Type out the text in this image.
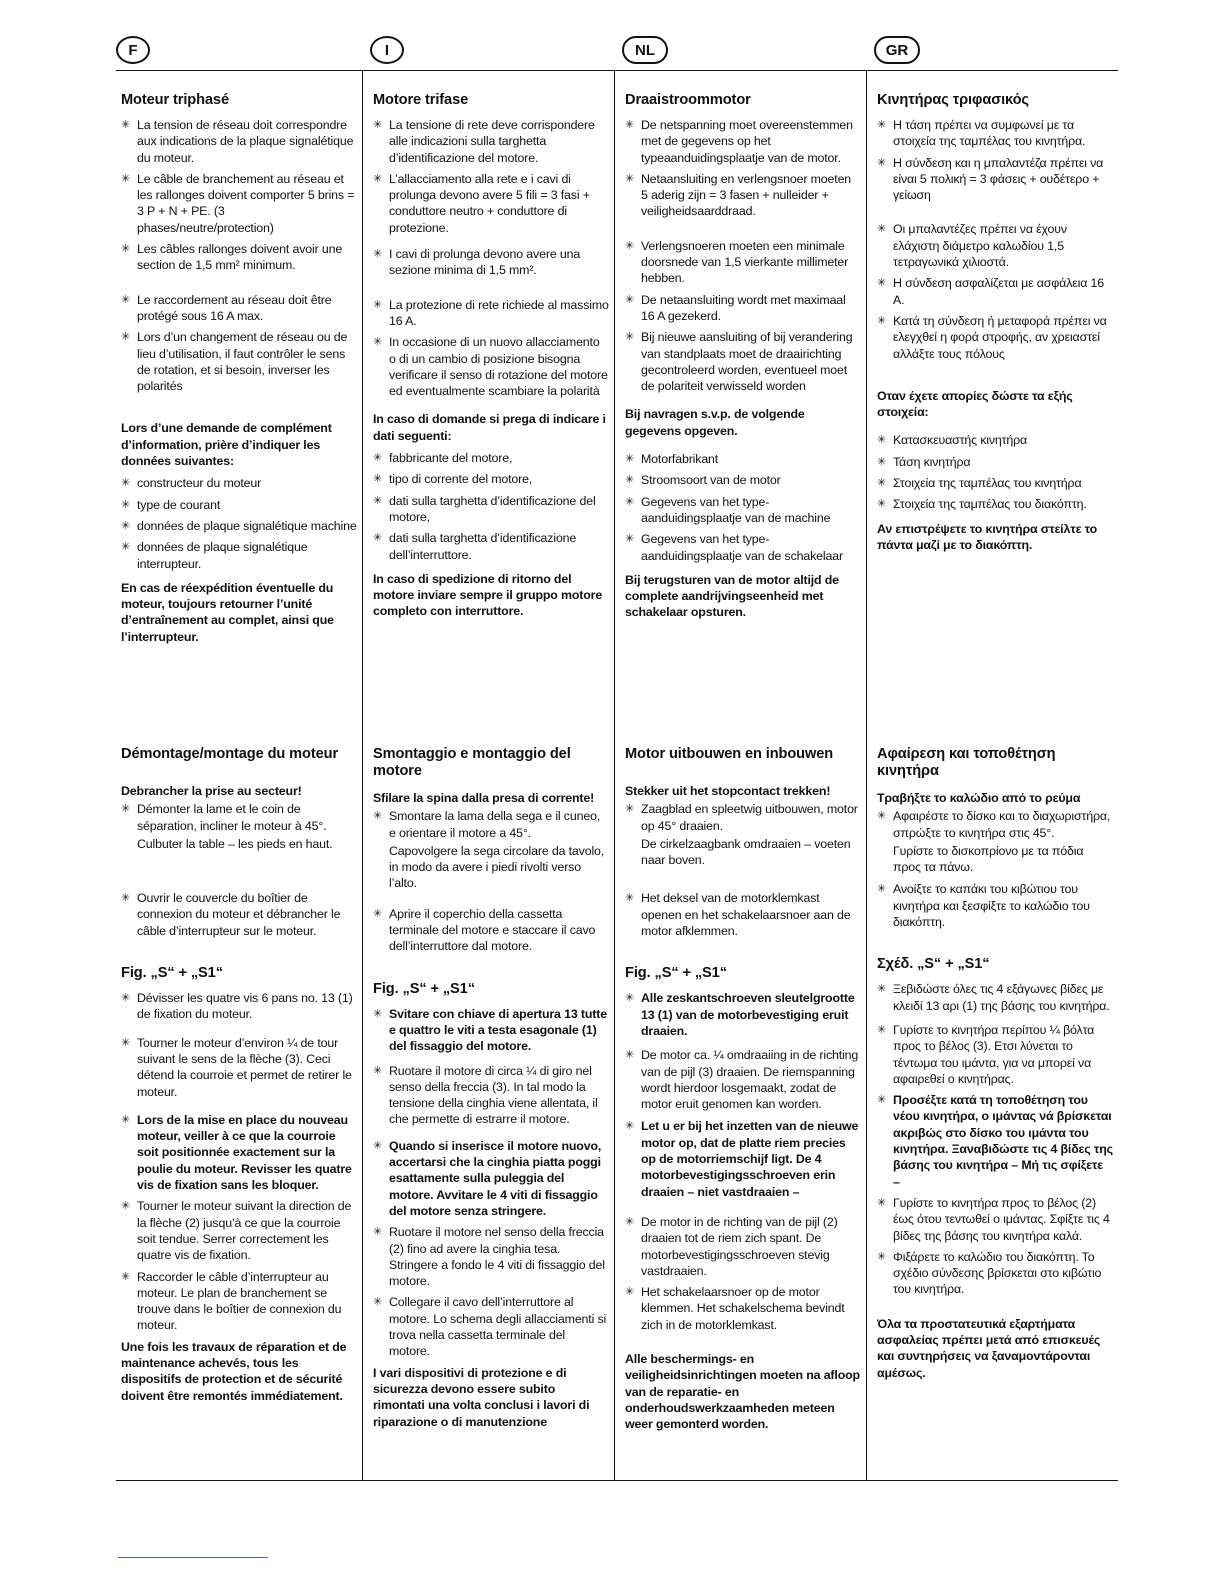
F	I	NL	GR
Moteur triphasé
✳ La tension de réseau doit correspondre aux indications de la plaque signalétique du moteur.
✳ Le câble de branchement au réseau et les rallonges doivent comporter 5 brins = 3 P + N + PE. (3 phases/neutre/protection)
✳ Les câbles rallonges doivent avoir une section de 1,5 mm² minimum.
✳ Le raccordement au réseau doit être protégé sous 16 A max.
✳ Lors d’un changement de réseau ou de lieu d’utilisation, il faut contrôler le sens de rotation, et si besoin, inverser les polarités
Lors d’une demande de complément d’information, prière d’indiquer les données suivantes:
✳ constructeur du moteur
✳ type de courant
✳ données de plaque signalétique machine
✳ données de plaque signalétique interrupteur.
En cas de réexpédition éventuelle du moteur, toujours retourner l’unité d’entraînement au complet, ainsi que l’interrupteur.
Motore trifase
✳ La tensione di rete deve corrispondere alle indicazioni sulla targhetta d’identificazione del motore.
✳ L’allacciamento alla rete e i cavi di prolunga devono avere 5 fili = 3 fasi + conduttore neutro + conduttore di protezione.
✳ I cavi di prolunga devono avere una sezione minima di 1,5 mm².
✳ La protezione di rete richiede al massimo 16 A.
✳ In occasione di un nuovo allacciamento o di un cambio di posizione bisogna verificare il senso di rotazione del motore ed eventualmente scambiare la polarità
In caso di domande si prega di indicare i dati seguenti:
✳ fabbricante del motore,
✳ tipo di corrente del motore,
✳ dati sulla targhetta d’identificazione del motore,
✳ dati sulla targhetta d’identificazione dell’interruttore.
In caso di spedizione di ritorno del motore inviare sempre il gruppo motore completo con interruttore.
Draaistroommotor
✳ De netspanning moet overeenstemmen met de gegevens op het typeaanduidingsplaatje van de motor.
✳ Netaansluiting en verlengsnoer moeten 5 aderig zijn = 3 fasen + nulleider + veiligheidsaarddraad.
✳ Verlengsnoeren moeten een minimale doorsnede van 1,5 vierkante millimeter hebben.
✳ De netaansluiting wordt met maximaal 16 A gezekerd.
✳ Bij nieuwe aansluiting of bij verandering van standplaats moet de draairichting gecontroleerd worden, eventueel moet de polariteit verwisseld worden
Bij navragen s.v.p. de volgende gegevens opgeven.
✳ Motorfabrikant
✳ Stroomsoort van de motor
✳ Gegevens van het type-aanduidingsplaatje van de machine
✳ Gegevens van het type-aanduidingsplaatje van de schakelaar
Bij terugsturen van de motor altijd de complete aandrijvingseenheid met schakelaar opsturen.
Κινητήρας τριφασικός
✳ Η τάση πρέπει να συμφωνεί με τα στοιχεία της ταμπέλας του κινητήρα.
✳ Η σύνδεση και η μπαλαντέζα πρέπει να είναι 5 πολική = 3 φάσεις + ουδέτερο + γείωση
✳ Οι μπαλαντέζες πρέπει να έχουν ελάχιστη διάμετρο καλωδίου 1,5 τετραγωνικά χιλιοστά.
✳ Η σύνδεση ασφαλίζεται με ασφάλεια 16 A.
✳ Κατά τη σύνδεση ή μεταφορά πρέπει να ελεγχθεί η φορά στροφής, αν χρειαστεί αλλάξτε τους πόλους
Οταν έχετε απορίες δώστε τα εξής στοιχεία:
✳ Κατασκευαστής κινητήρα
✳ Τάση κινητήρα
✳ Στοιχεία της ταμπέλας του κινητήρα
✳ Στοιχεία της ταμπέλας του διακόπτη.
Αν επιστρέψετε το κινητήρα στείλτε το πάντα μαζί με το διακόπτη.
Démontage/montage du moteur
Debrancher la prise au secteur!
✳ Démonter la lame et le coin de séparation, incliner le moteur à 45°.
Culbuter la table – les pieds en haut.
✳ Ouvrir le couvercle du boîtier de connexion du moteur et débrancher le câble d’interrupteur sur le moteur.
Fig. „S“ + „S1“
✳ Dévisser les quatre vis 6 pans no. 13 (1) de fixation du moteur.
✳ Tourner le moteur d’environ ¼ de tour suivant le sens de la flèche (3). Ceci détend la courroie et permet de retirer le moteur.
✳ Lors de la mise en place du nouveau moteur, veiller à ce que la courroie soit positionnée exactement sur la poulie du moteur. Revisser les quatre vis de fixation sans les bloquer.
✳ Tourner le moteur suivant la direction de la flèche (2) jusqu’à ce que la courroie soit tendue. Serrer correctement les quatre vis de fixation.
✳ Raccorder le câble d’interrupteur au moteur. Le plan de branchement se trouve dans le boîtier de connexion du moteur.
Une fois les travaux de réparation et de maintenance achevés, tous les dispositifs de protection et de sécurité doivent être remontés immédiatement.
Smontaggio e montaggio del motore
Sfilare la spina dalla presa di corrente!
✳ Smontare la lama della sega e il cuneo, e orientare il motore a 45°.
Capovolgere la sega circolare da tavolo, in modo da avere i piedi rivolti verso l’alto.
✳ Aprire il coperchio della cassetta terminale del motore e staccare il cavo dell’interruttore dal motore.
Fig. „S“ + „S1“
✳ Svitare con chiave di apertura 13 tutte e quattro le viti a testa esagonale (1) del fissaggio del motore.
✳ Ruotare il motore di circa ¼ di giro nel senso della freccia (3). In tal modo la tensione della cinghia viene allentata, il che permette di estrarre il motore.
✳ Quando si inserisce il motore nuovo, accertarsi che la cinghia piatta poggi esattamente sulla puleggia del motore. Avvitare le 4 viti di fissaggio del motore senza stringere.
✳ Ruotare il motore nel senso della freccia (2) fino ad avere la cinghia tesa. Stringere a fondo le 4 viti di fissaggio del motore.
✳ Collegare il cavo dell’interruttore al motore. Lo schema degli allacciamenti si trova nella cassetta terminale del motore.
I vari dispositivi di protezione e di sicurezza devono essere subito rimontati una volta conclusi i lavori di riparazione o di manutenzione
Motor uitbouwen en inbouwen
Stekker uit het stopcontact trekken!
✳ Zaagblad en spleetwig uitbouwen, motor op 45° draaien.
De cirkelzaagbank omdraaien – voeten naar boven.
✳ Het deksel van de motorklemkast openen en het schakelaarsnoer aan de motor afklemmen.
Fig. „S“ + „S1“
✳ Alle zeskantschroeven sleutelgrootte 13 (1) van de motorbevestiging eruit draaien.
✳ De motor ca. ¼ omdraaiing in de richting van de pijl (3) draaien. De riemspanning wordt hierdoor losgemaakt, zodat de motor eruit genomen kan worden.
✳ Let u er bij het inzetten van de nieuwe motor op, dat de platte riem precies op de motorriemschijf ligt. De 4 motorbevestigingsschroeven erin draaien – niet vastdraaien –
✳ De motor in de richting van de pijl (2) draaien tot de riem zich spant. De motorbevestigingsschroeven stevig vastdraaien.
✳ Het schakelaarsnoer op de motor klemmen. Het schakelschema bevindt zich in de motorklemkast.
Alle beschermings- en veiligheidsinrichtingen moeten na afloop van de reparatie- en onderhoudswerkzaamheden meteen weer gemonterd worden.
Αφαίρεση και τοποθέτηση κινητήρα
Τραβήξτε το καλώδιο από το ρεύμα
✳ Αφαιρέστε το δίσκο και το διαχωριστήρα, σπρώξτε το κινητήρα στις 45°.
Γυρίστε το δισκοπρίονο με τα πόδια προς τα πάνω.
✳ Ανοίξτε το καπάκι του κιβώτιου του κινητήρα και ξεσφίξτε το καλώδιο του διακόπτη.
Σχέδ. „S“ + „S1“
✳ Ξεβιδώστε όλες τις 4 εξάγωνες βίδες με κλειδί 13 αρι (1) της βάσης του κινητήρα.
✳ Γυρίστε το κινητήρα περίπου ¼ βόλτα προς το βέλος (3). Ετσι λύνεται το τέντωμα του ιμάντα, για να μπορεί να αφαιρεθεί ο κινητήρας.
✳ Προσέξτε κατά τη τοποθέτηση του νέου κινητήρα, ο ιμάντας νά βρίσκεται ακριβώς στο δίσκο του ιμάντα του κινητήρα. Ξαναβιδώστε τις 4 βίδες της βάσης του κινητήρα – Μή τις σφίξετε –
✳ Γυρίστε το κινητήρα προς το βέλος (2) έως ότου τεντωθεί ο ιμάντας. Σφίξτε τις 4 βίδες της βάσης του κινητήρα καλά.
✳ Φιξάρετε το καλώδιο του διακόπτη. Το σχέδιο σύνδεσης βρίσκεται στο κιβώτιο του κινητήρα.
Όλα τα προστατευτικά εξαρτήματα ασφαλείας πρέπει μετά από επισκευές και συντηρήσεις να ξαναμοντάρονται αμέσως.
